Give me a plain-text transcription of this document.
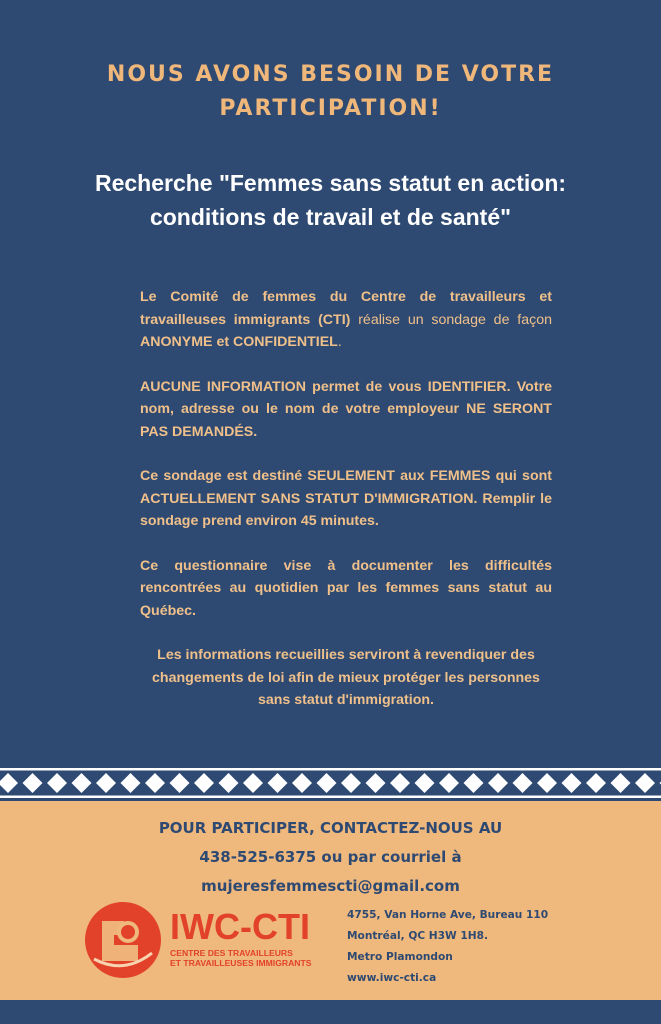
NOUS AVONS BESOIN DE VOTRE
PARTICIPATION!
Recherche "Femmes sans statut en action:
conditions de travail et de santé"

Le Comité de femmes du Centre de travailleurs et travailleuses immigrants (CTI) réalise un sondage de façon ANONYME et CONFIDENTIEL.

AUCUNE INFORMATION permet de vous IDENTIFIER. Votre nom, adresse ou le nom de votre employeur NE SERONT PAS DEMANDÉS.

Ce sondage est destiné SEULEMENT aux FEMMES qui sont ACTUELLEMENT SANS STATUT D'IMMIGRATION. Remplir le sondage prend environ 45 minutes.

Ce questionnaire vise à documenter les difficultés rencontrées au quotidien par les femmes sans statut au Québec.

Les informations recueillies serviront à revendiquer des changements de loi afin de mieux protéger les personnes sans statut d'immigration.

POUR PARTICIPER, CONTACTEZ-NOUS AU
438-525-6375 ou par courriel à
mujeresfemmescti@gmail.com
IWC-CTI
CENTRE DES TRAVAILLEURS
ET TRAVAILLEUSES IMMIGRANTS
4755, Van Horne Ave, Bureau 110
Montréal, QC H3W 1H8.
Metro Plamondon
www.iwc-cti.ca
